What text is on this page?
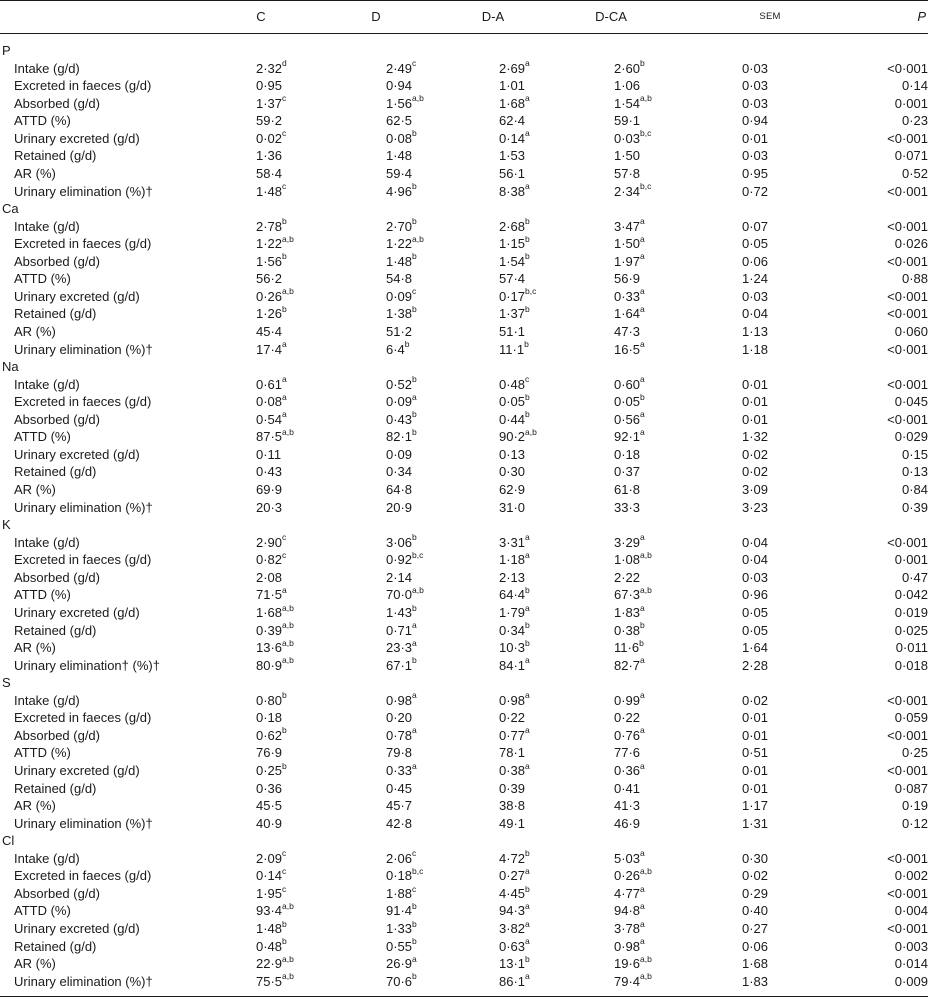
C	D	D-A	D-CA	SEM	P
P
Intake (g/d)	$2\cdot 32^d$	$2\cdot 49^c$	$2\cdot 69^a$	$2\cdot 60^b$	0·03	<0·001
Excreted in faeces (g/d)	0·95	0·94	1·01	1·06	0·03	0·14
Absorbed (g/d)	$1\cdot 37^c$	$1\cdot 56^{a,b}$	$1\cdot 68^a$	$1\cdot 54^{a,b}$	0·03	0·001
ATTD (%)	59·2	62·5	62·4	59·1	0·94	0·23
Urinary excreted (g/d)	$0\cdot 02^c$	$0\cdot 08^b$	$0\cdot 14^a$	$0\cdot 03^{b,c}$	0·01	<0·001
Retained (g/d)	1·36	1·48	1·53	1·50	0·03	0·071
AR (%)	58·4	59·4	56·1	57·8	0·95	0·52
Urinary elimination (%)†	$1\cdot 48^c$	$4\cdot 96^b$	$8\cdot 38^a$	$2\cdot 34^{b,c}$	0·72	<0·001
Ca
Intake (g/d)	$2\cdot 78^b$	$2\cdot 70^b$	$2\cdot 68^b$	$3\cdot 47^a$	0·07	<0·001
Excreted in faeces (g/d)	$1\cdot 22^{a,b}$	$1\cdot 22^{a,b}$	$1\cdot 15^b$	$1\cdot 50^a$	0·05	0·026
Absorbed (g/d)	$1\cdot 56^b$	$1\cdot 48^b$	$1\cdot 54^b$	$1\cdot 97^a$	0·06	<0·001
ATTD (%)	56·2	54·8	57·4	56·9	1·24	0·88
Urinary excreted (g/d)	$0\cdot 26^{a,b}$	$0\cdot 09^c$	$0\cdot 17^{b,c}$	$0\cdot 33^a$	0·03	<0·001
Retained (g/d)	$1\cdot 26^b$	$1\cdot 38^b$	$1\cdot 37^b$	$1\cdot 64^a$	0·04	<0·001
AR (%)	45·4	51·2	51·1	47·3	1·13	0·060
Urinary elimination (%)†	$17\cdot 4^a$	$6\cdot 4^b$	$11\cdot 1^b$	$16\cdot 5^a$	1·18	<0·001
Na
Intake (g/d)	$0\cdot 61^a$	$0\cdot 52^b$	$0\cdot 48^c$	$0\cdot 60^a$	0·01	<0·001
Excreted in faeces (g/d)	$0\cdot 08^a$	$0\cdot 09^a$	$0\cdot 05^b$	$0\cdot 05^b$	0·01	0·045
Absorbed (g/d)	$0\cdot 54^a$	$0\cdot 43^b$	$0\cdot 44^b$	$0\cdot 56^a$	0·01	<0·001
ATTD (%)	$87\cdot 5^{a,b}$	$82\cdot 1^b$	$90\cdot 2^{a,b}$	$92\cdot 1^a$	1·32	0·029
Urinary excreted (g/d)	0·11	0·09	0·13	0·18	0·02	0·15
Retained (g/d)	0·43	0·34	0·30	0·37	0·02	0·13
AR (%)	69·9	64·8	62·9	61·8	3·09	0·84
Urinary elimination (%)†	20·3	20·9	31·0	33·3	3·23	0·39
K
Intake (g/d)	$2\cdot 90^c$	$3\cdot 06^b$	$3\cdot 31^a$	$3\cdot 29^a$	0·04	<0·001
Excreted in faeces (g/d)	$0\cdot 82^c$	$0\cdot 92^{b,c}$	$1\cdot 18^a$	$1\cdot 08^{a,b}$	0·04	0·001
Absorbed (g/d)	2·08	2·14	2·13	2·22	0·03	0·47
ATTD (%)	$71\cdot 5^a$	$70\cdot 0^{a,b}$	$64\cdot 4^b$	$67\cdot 3^{a,b}$	0·96	0·042
Urinary excreted (g/d)	$1\cdot 68^{a,b}$	$1\cdot 43^b$	$1\cdot 79^a$	$1\cdot 83^a$	0·05	0·019
Retained (g/d)	$0\cdot 39^{a,b}$	$0\cdot 71^a$	$0\cdot 34^b$	$0\cdot 38^b$	0·05	0·025
AR (%)	$13\cdot 6^{a,b}$	$23\cdot 3^a$	$10\cdot 3^b$	$11\cdot 6^b$	1·64	0·011
Urinary elimination† (%)†	$80\cdot 9^{a,b}$	$67\cdot 1^b$	$84\cdot 1^a$	$82\cdot 7^a$	2·28	0·018
S
Intake (g/d)	$0\cdot 80^b$	$0\cdot 98^a$	$0\cdot 98^a$	$0\cdot 99^a$	0·02	<0·001
Excreted in faeces (g/d)	0·18	0·20	0·22	0·22	0·01	0·059
Absorbed (g/d)	$0\cdot 62^b$	$0\cdot 78^a$	$0\cdot 77^a$	$0\cdot 76^a$	0·01	<0·001
ATTD (%)	76·9	79·8	78·1	77·6	0·51	0·25
Urinary excreted (g/d)	$0\cdot 25^b$	$0\cdot 33^a$	$0\cdot 38^a$	$0\cdot 36^a$	0·01	<0·001
Retained (g/d)	0·36	0·45	0·39	0·41	0·01	0·087
AR (%)	45·5	45·7	38·8	41·3	1·17	0·19
Urinary elimination (%)†	40·9	42·8	49·1	46·9	1·31	0·12
Cl
Intake (g/d)	$2\cdot 09^c$	$2\cdot 06^c$	$4\cdot 72^b$	$5\cdot 03^a$	0·30	<0·001
Excreted in faeces (g/d)	$0\cdot 14^c$	$0\cdot 18^{b,c}$	$0\cdot 27^a$	$0\cdot 26^{a,b}$	0·02	0·002
Absorbed (g/d)	$1\cdot 95^c$	$1\cdot 88^c$	$4\cdot 45^b$	$4\cdot 77^a$	0·29	<0·001
ATTD (%)	$93\cdot 4^{a,b}$	$91\cdot 4^b$	$94\cdot 3^a$	$94\cdot 8^a$	0·40	0·004
Urinary excreted (g/d)	$1\cdot 48^b$	$1\cdot 33^b$	$3\cdot 82^a$	$3\cdot 78^a$	0·27	<0·001
Retained (g/d)	$0\cdot 48^b$	$0\cdot 55^b$	$0\cdot 63^a$	$0\cdot 98^a$	0·06	0·003
AR (%)	$22\cdot 9^{a,b}$	$26\cdot 9^a$	$13\cdot 1^b$	$19\cdot 6^{a,b}$	1·68	0·014
Urinary elimination (%)†	$75\cdot 5^{a,b}$	$70\cdot 6^b$	$86\cdot 1^a$	$79\cdot 4^{a,b}$	1·83	0·009
